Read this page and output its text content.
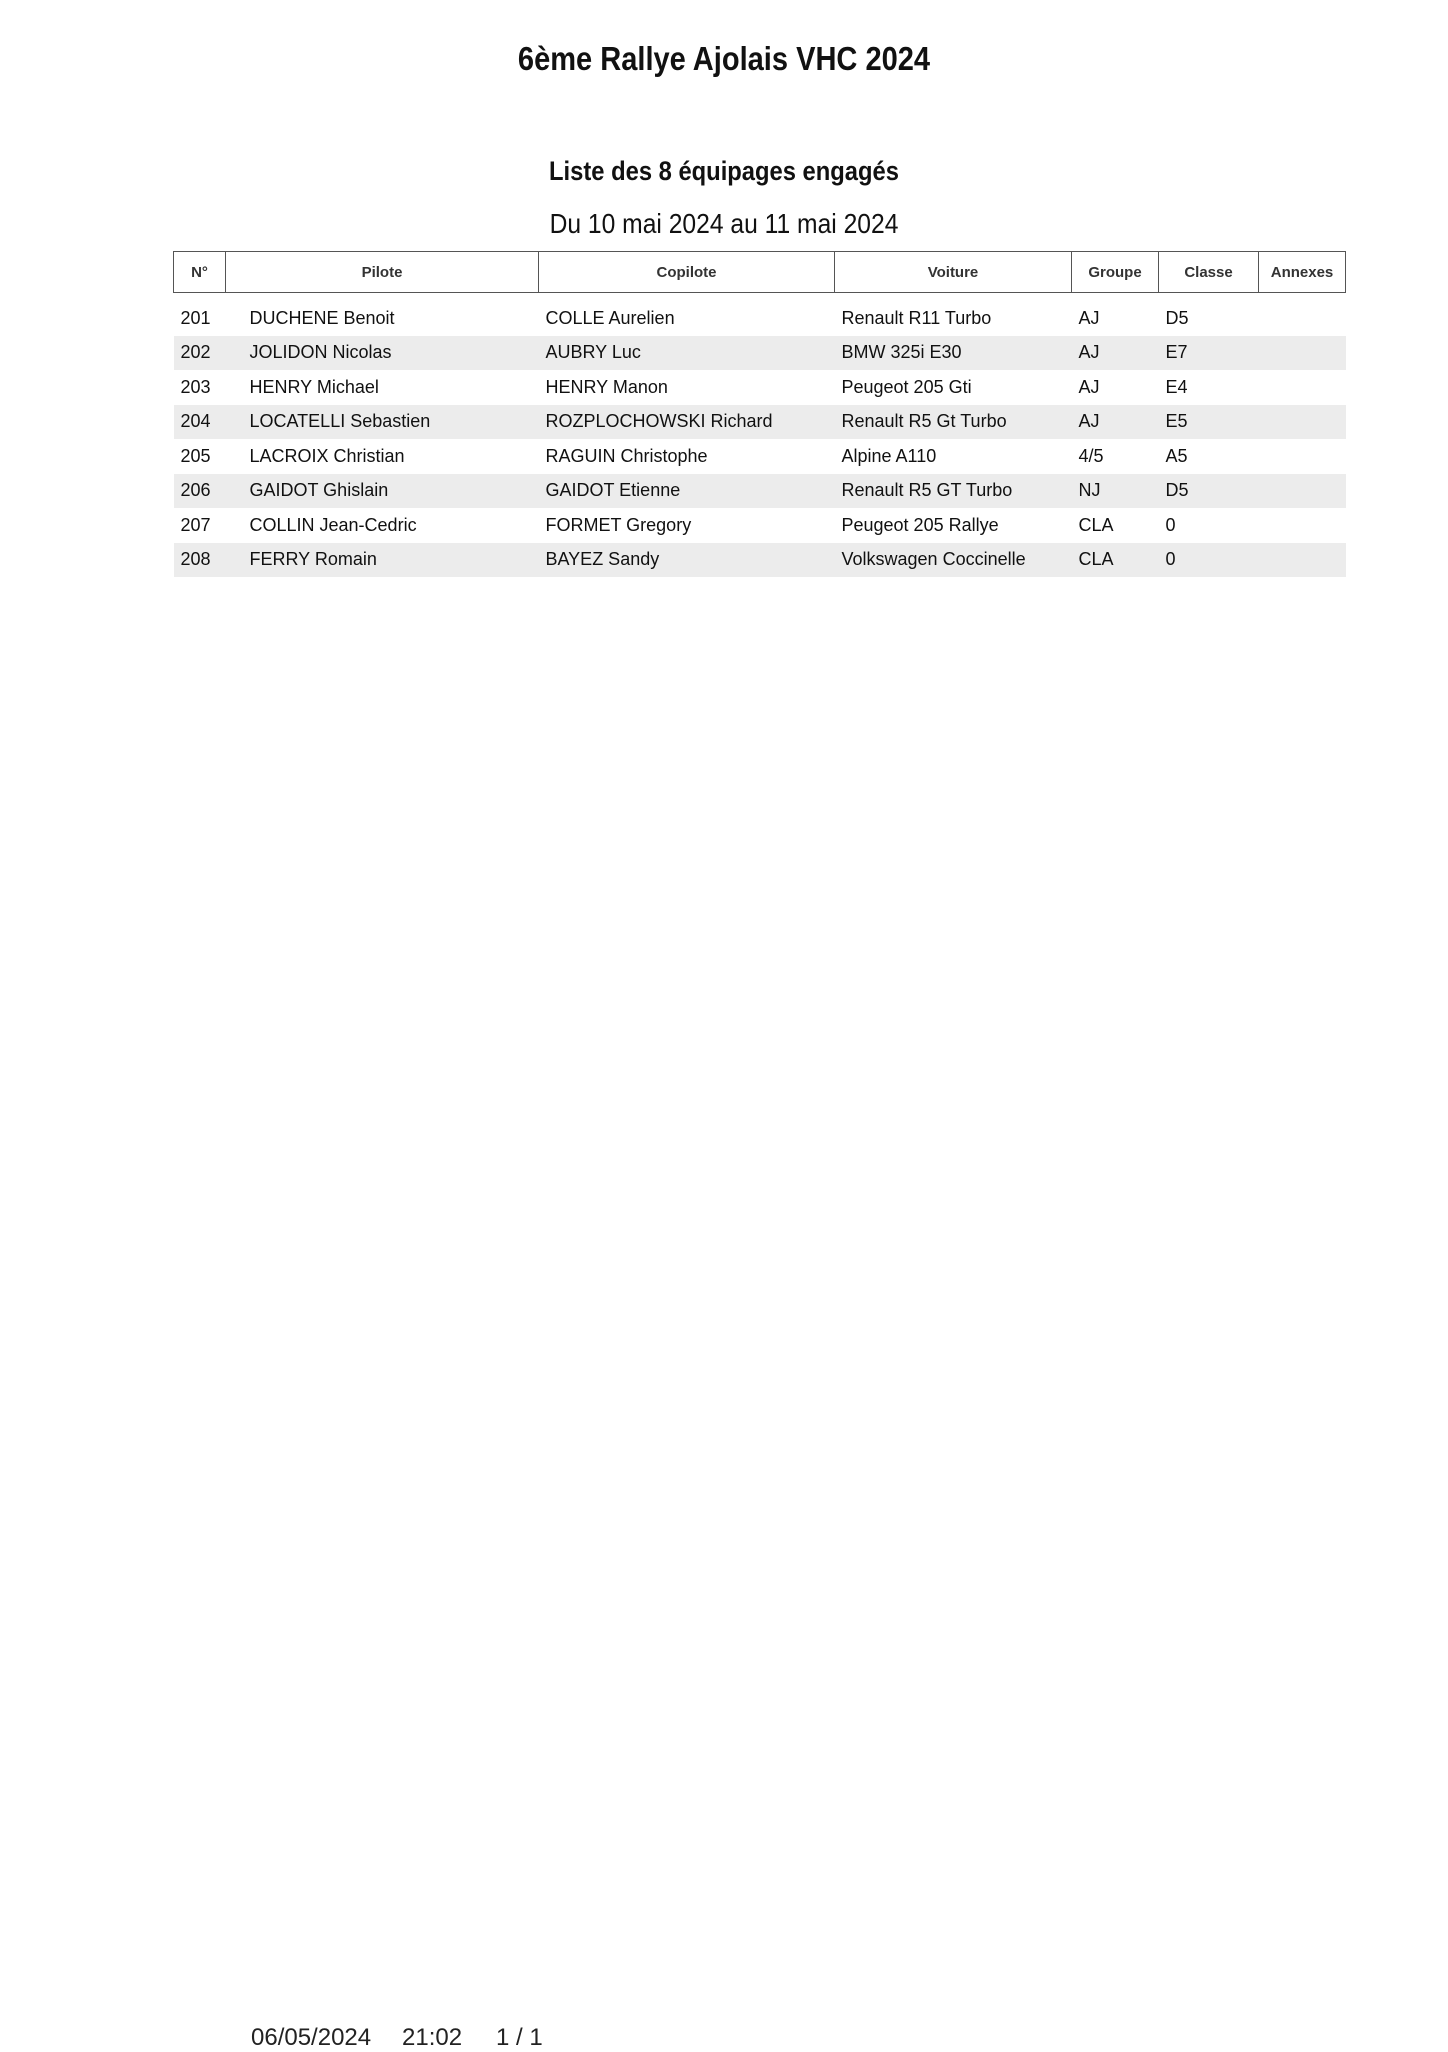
6ème Rallye Ajolais VHC 2024
Liste des 8 équipages engagés
Du 10 mai 2024 au 11 mai 2024
N°	Pilote	Copilote	Voiture	Groupe	Classe	Annexes
201	DUCHENE Benoit	COLLE Aurelien	Renault R11 Turbo	AJ	D5	
202	JOLIDON Nicolas	AUBRY Luc	BMW 325i E30	AJ	E7	
203	HENRY Michael	HENRY Manon	Peugeot 205 Gti	AJ	E4	
204	LOCATELLI Sebastien	ROZPLOCHOWSKI Richard	Renault R5 Gt Turbo	AJ	E5	
205	LACROIX Christian	RAGUIN Christophe	Alpine A110	4/5	A5	
206	GAIDOT Ghislain	GAIDOT Etienne	Renault R5 GT Turbo	NJ	D5	
207	COLLIN Jean-Cedric	FORMET Gregory	Peugeot 205 Rallye	CLA	0	
208	FERRY Romain	BAYEZ Sandy	Volkswagen Coccinelle	CLA	0	
06/05/2024 21:02 1 / 1
